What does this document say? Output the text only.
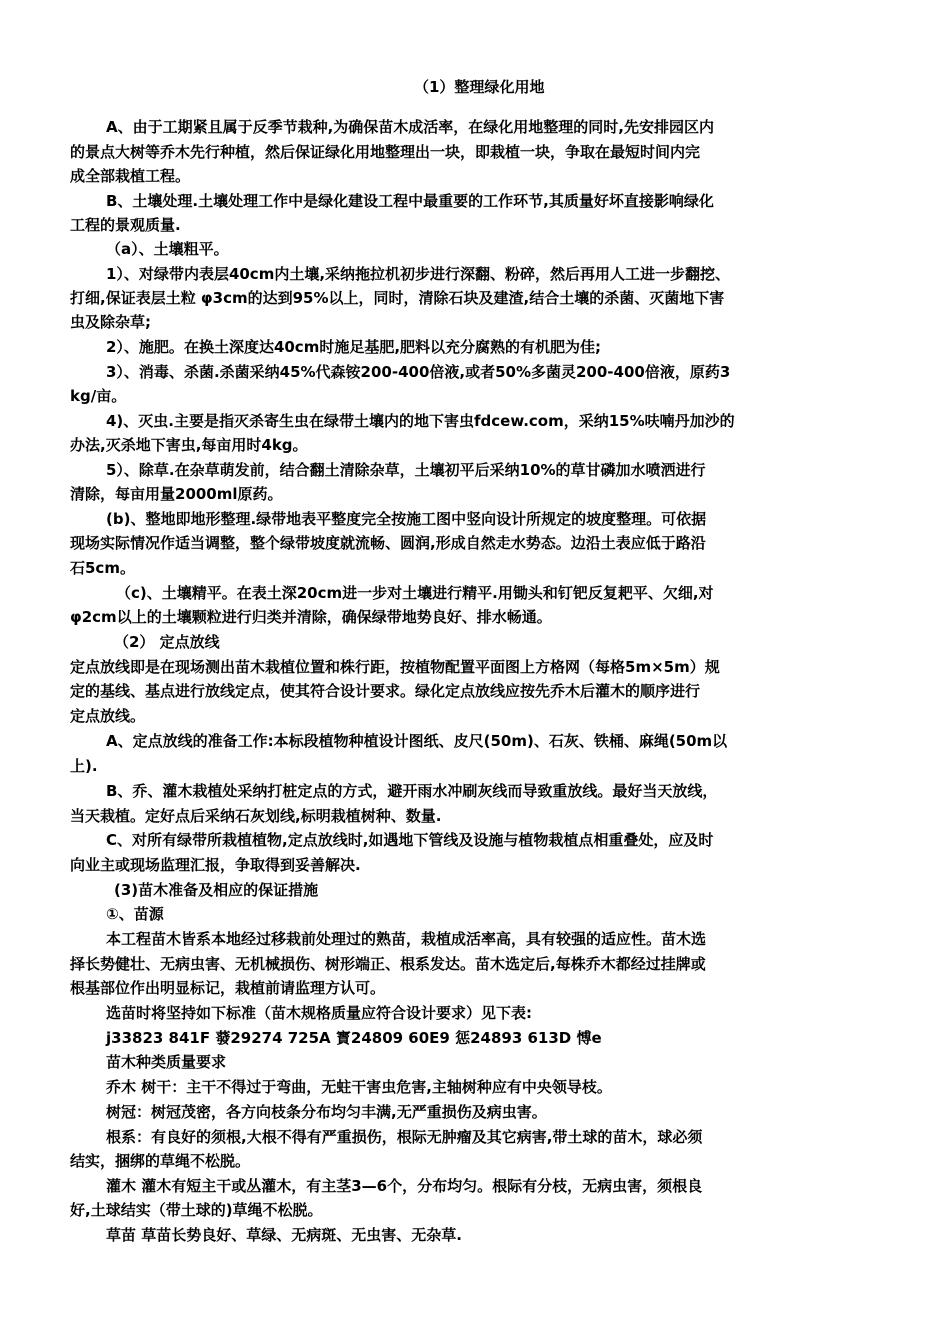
（1）整理绿化用地
A、由于工期紧且属于反季节栽种,为确保苗木成活率，在绿化用地整理的同时,先安排园区内
的景点大树等乔木先行种植，然后保证绿化用地整理出一块，即栽植一块，争取在最短时间内完
成全部栽植工程。
B、土壤处理.土壤处理工作中是绿化建设工程中最重要的工作环节,其质量好坏直接影响绿化
工程的景观质量.
（a）、土壤粗平。
1）、对绿带内表层40cm内土壤,采纳拖拉机初步进行深翻、粉碎，然后再用人工进一步翻挖、
打细,保证表层土粒 φ3cm的达到95%以上，同时，清除石块及建渣,结合土壤的杀菌、灭菌地下害
虫及除杂草;
2）、施肥。在换土深度达40cm时施足基肥,肥料以充分腐熟的有机肥为佳;
3）、消毒、杀菌.杀菌采纳45%代森铵200-400倍液,或者50%多菌灵200-400倍液，原药3
kg/亩。
4)、灭虫.主要是指灭杀寄生虫在绿带土壤内的地下害虫fdcew.com，采纳15%呋喃丹加沙的
办法,灭杀地下害虫,每亩用时4kg。
5）、除草.在杂草萌发前，结合翻土清除杂草，土壤初平后采纳10%的草甘磷加水喷洒进行
清除，每亩用量2000ml原药。
(b)、整地即地形整理.绿带地表平整度完全按施工图中竖向设计所规定的坡度整理。可依据
现场实际情况作适当调整，整个绿带坡度就流畅、圆润,形成自然走水势态。边沿土表应低于路沿
石5cm。
（c)、土壤精平。在表土深20cm进一步对土壤进行精平.用锄头和钉钯反复耙平、欠细,对
φ2cm以上的土壤颗粒进行归类并清除，确保绿带地势良好、排水畅通。
（2） 定点放线
定点放线即是在现场测出苗木栽植位置和株行距，按植物配置平面图上方格网（每格5m×5m）规
定的基线、基点进行放线定点，使其符合设计要求。绿化定点放线应按先乔木后灌木的顺序进行
定点放线。
A、定点放线的准备工作:本标段植物种植设计图纸、皮尺(50m)、石灰、铁桶、麻绳(50m以
上).
B、乔、灌木栽植处采纳打桩定点的方式，避开雨水冲刷灰线而导致重放线。最好当天放线，
当天栽植。定好点后采纳石灰划线,标明栽植树种、数量.
C、对所有绿带所栽植植物,定点放线时,如遇地下管线及设施与植物栽植点相重叠处，应及时
向业主或现场监理汇报，争取得到妥善解决.
(3)苗木准备及相应的保证措施
①、苗源
本工程苗木皆系本地经过移栽前处理过的熟苗，栽植成活率高，具有较强的适应性。苗木选
择长势健壮、无病虫害、无机械损伤、树形端正、根系发达。苗木选定后,每株乔木都经过挂牌或
根基部位作出明显标记，栽植前请监理方认可。
选苗时将坚持如下标准（苗木规格质量应符合设计要求）见下表:
j33823 841F 蕟29274 725A 寳24809 60E9 惩24893 613D 愽e
苗木种类质量要求
乔木 树干：主干不得过于弯曲，无蛀干害虫危害,主轴树种应有中央领导枝。
树冠：树冠茂密，各方向枝条分布均匀丰满,无严重损伤及病虫害。
根系：有良好的须根,大根不得有严重损伤，根际无肿瘤及其它病害,带土球的苗木，球必须
结实，捆绑的草绳不松脱。
灌木 灌木有短主干或丛灌木，有主茎3—6个，分布均匀。根际有分枝，无病虫害，须根良
好,土球结实（带土球的)草绳不松脱。
草苗 草苗长势良好、草绿、无病斑、无虫害、无杂草.
